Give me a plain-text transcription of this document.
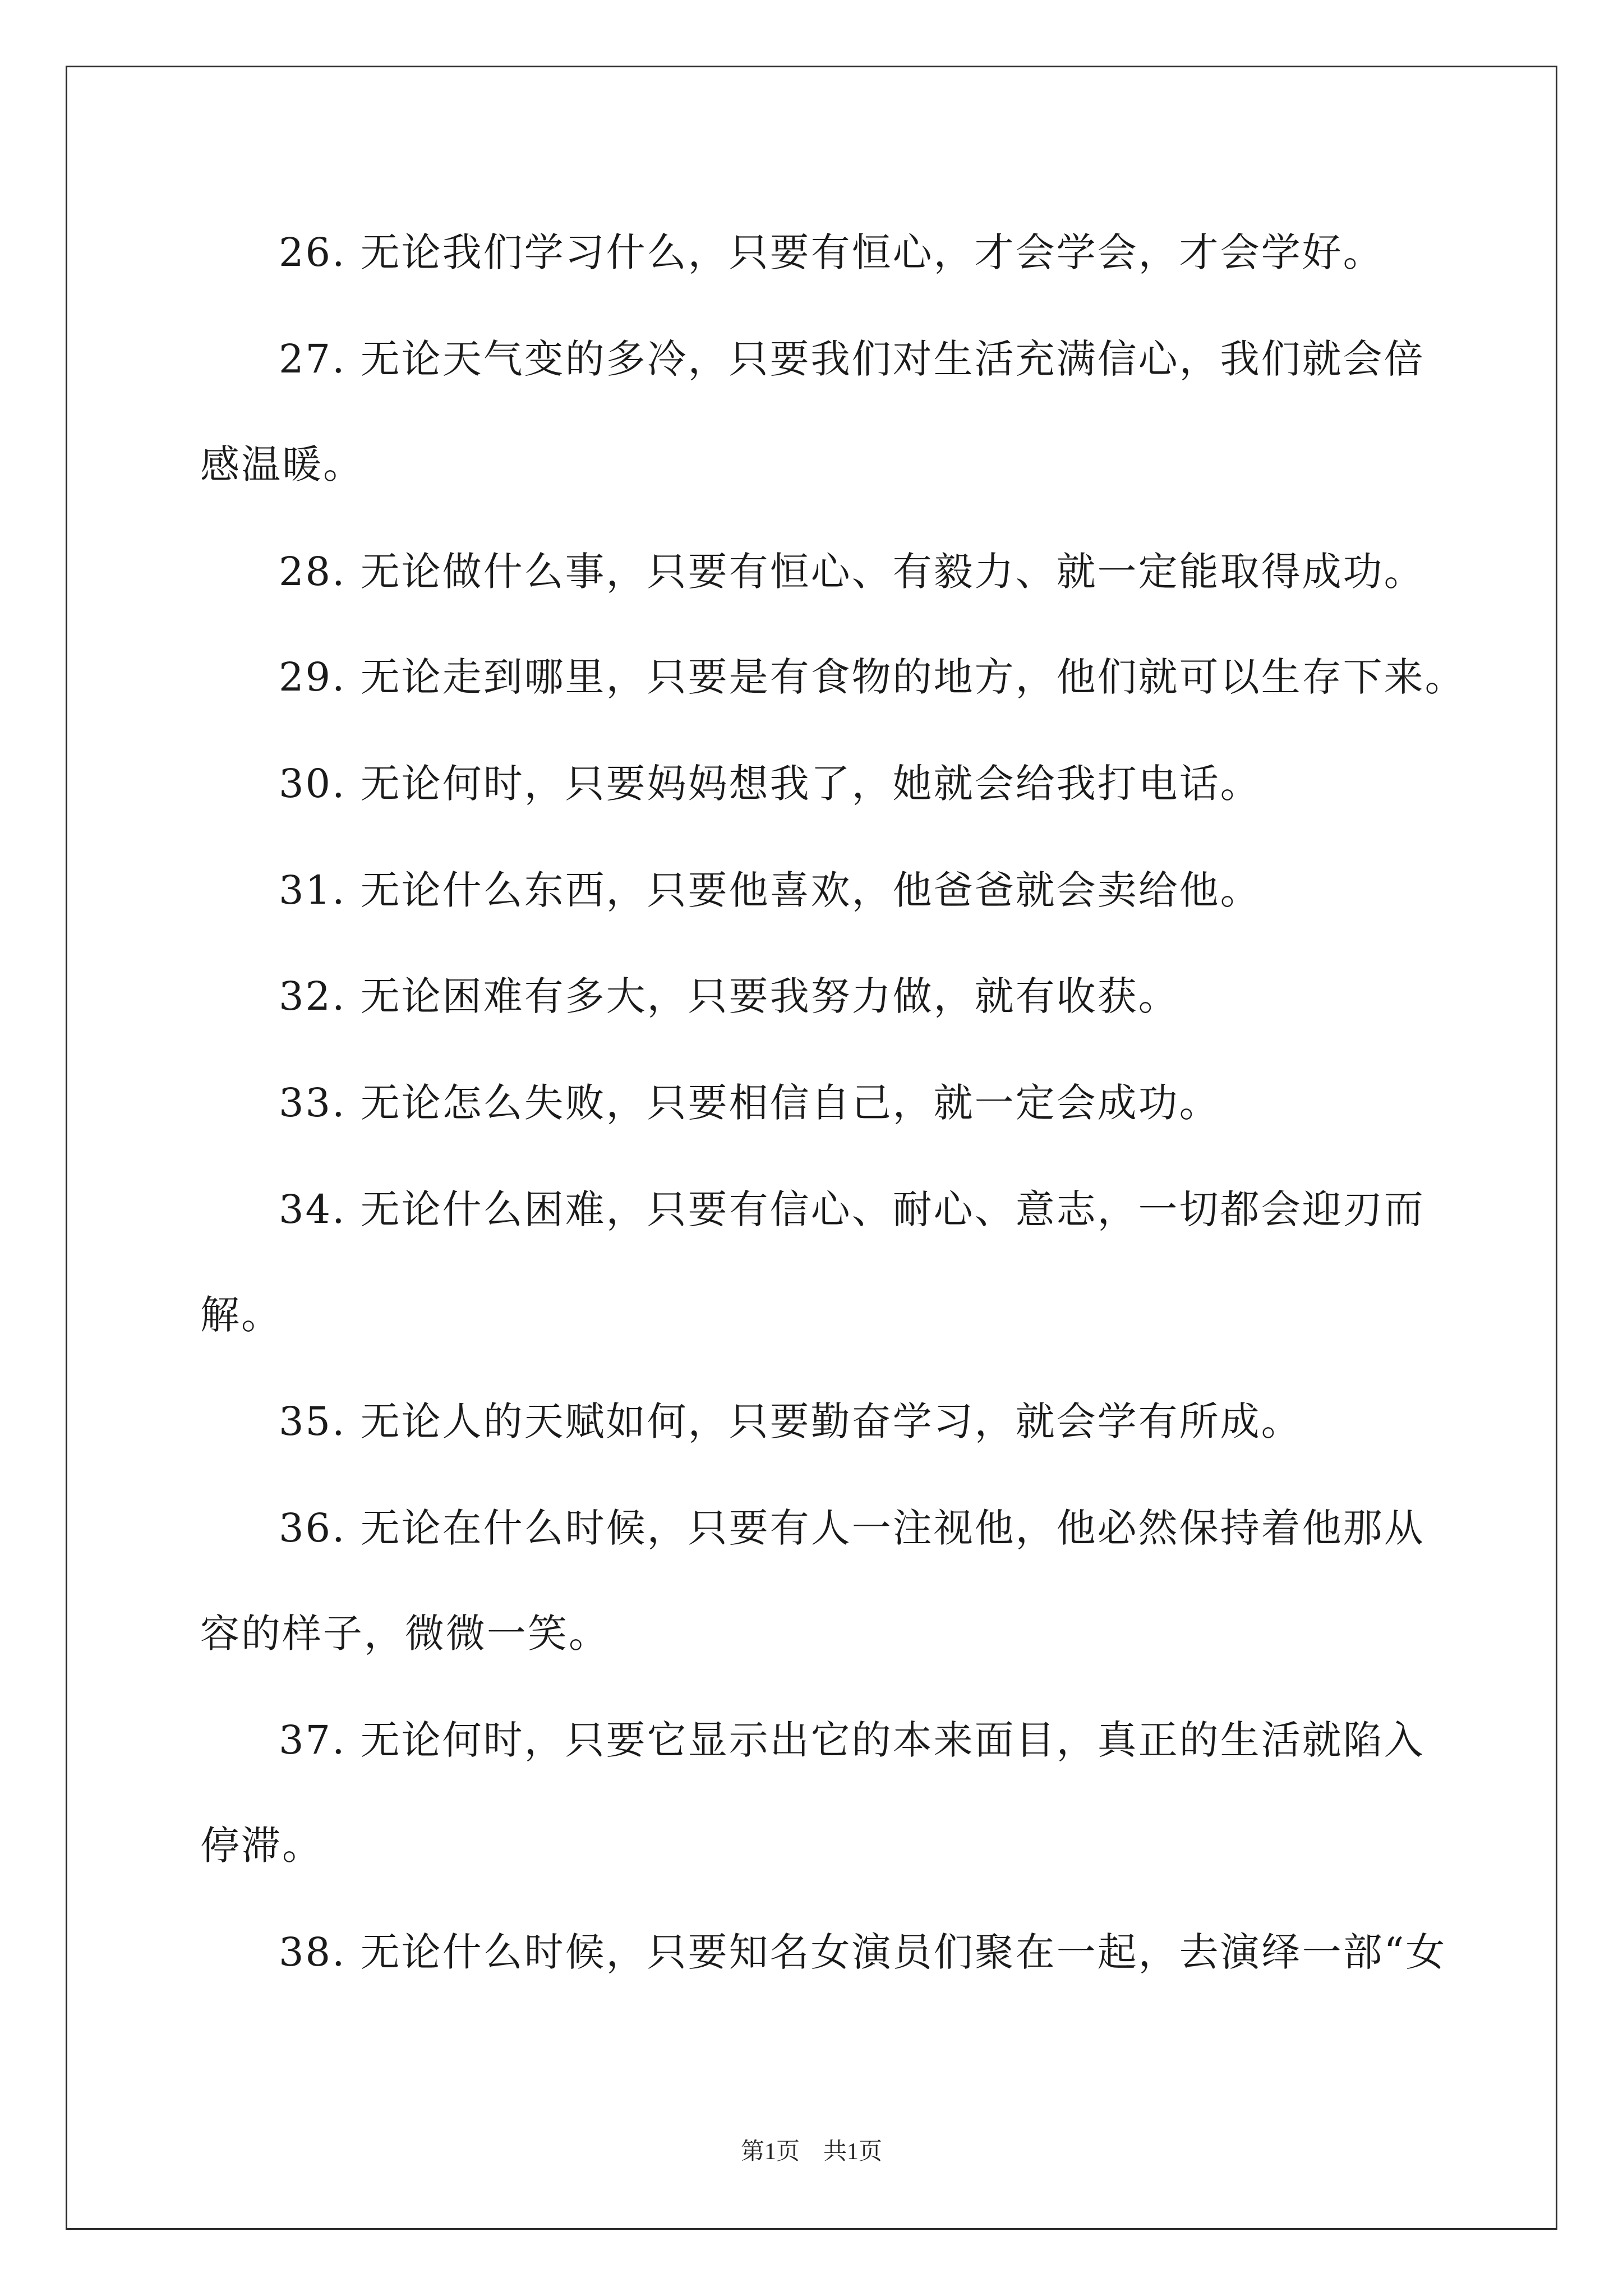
26. 无论我们学习什么，只要有恒心，才会学会，才会学好。
27. 无论天气变的多冷，只要我们对生活充满信心，我们就会倍
感温暖。
28. 无论做什么事，只要有恒心、有毅力、就一定能取得成功。
29. 无论走到哪里，只要是有食物的地方，他们就可以生存下来。
30. 无论何时，只要妈妈想我了，她就会给我打电话。
31. 无论什么东西，只要他喜欢，他爸爸就会卖给他。
32. 无论困难有多大，只要我努力做，就有收获。
33. 无论怎么失败，只要相信自己，就一定会成功。
34. 无论什么困难，只要有信心、耐心、意志，一切都会迎刃而
解。
35. 无论人的天赋如何，只要勤奋学习，就会学有所成。
36. 无论在什么时候，只要有人一注视他，他必然保持着他那从
容的样子，微微一笑。
37. 无论何时，只要它显示出它的本来面目，真正的生活就陷入
停滞。
38. 无论什么时候，只要知名女演员们聚在一起，去演绎一部“女
第1页　共1页
